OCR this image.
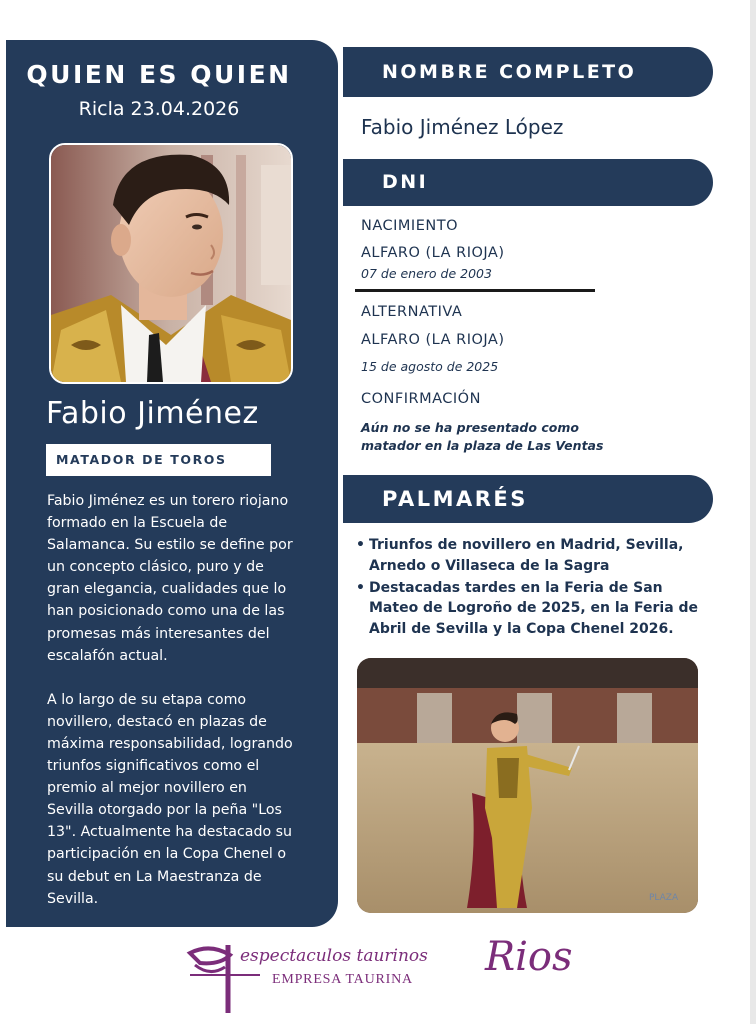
QUIEN ES QUIEN
Ricla 23.04.2026
Fabio Jiménez
MATADOR DE TOROS

Fabio Jiménez es un torero riojano formado en la Escuela de Salamanca. Su estilo se define por un concepto clásico, puro y de gran elegancia, cualidades que lo han posicionado como una de las promesas más interesantes del escalafón actual.

A lo largo de su etapa como novillero, destacó en plazas de máxima responsabilidad, logrando triunfos significativos como el premio al mejor novillero en Sevilla otorgado por la peña "Los 13". Actualmente ha destacado su participación en la Copa Chenel o su debut en La Maestranza de Sevilla.

NOMBRE COMPLETO
Fabio Jiménez López
DNI
NACIMIENTO
ALFARO (LA RIOJA)
07 de enero de 2003
ALTERNATIVA
ALFARO (LA RIOJA)
15 de agosto de 2025
CONFIRMACIÓN
Aún no se ha presentado como
matador en la plaza de Las Ventas
PALMARÉS
• Triunfos de novillero en Madrid, Sevilla, Arnedo o Villaseca de la Sagra
• Destacadas tardes en la Feria de San Mateo de Logroño de 2025, en la Feria de Abril de Sevilla y la Copa Chenel 2026.
PLAZA
espectaculos taurinos
EMPRESA TAURINA Rios
